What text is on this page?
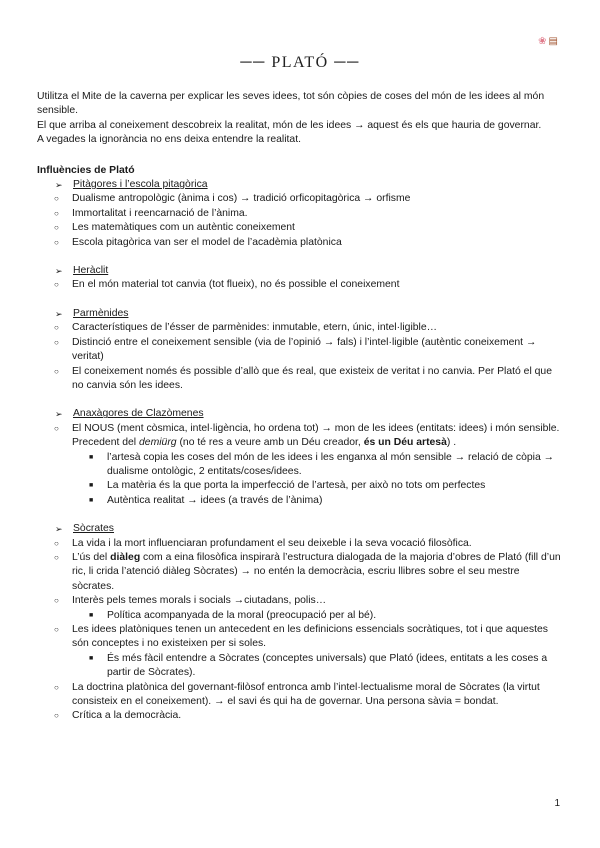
❀ ▤
── PLATÓ ──

Utilitza el Mite de la caverna per explicar les seves idees, tot són còpies de coses del món de les idees al món sensible.

El que arriba al coneixement descobreix la realitat, món de les idees → aquest és els que hauria de governar.

A vegades la ignorància no ens deixa entendre la realitat.

Influències de Plató
➢ Pitàgores i l’escola pitagòrica
○ Dualisme antropològic (ànima i cos) → tradició orficopitagòrica → orfisme
○ Immortalitat i reencarnació de l’ànima.
○ Les matemàtiques com un autèntic coneixement
○ Escola pitagòrica van ser el model de l’acadèmia platònica
➢ Heràclit
○ En el món material tot canvia (tot flueix), no és possible el coneixement
➢ Parmènides
○ Característiques de l’ésser de parmènides: inmutable, etern, únic, intel·ligible…
○ Distinció entre el coneixement sensible (via de l’opinió → fals) i l’intel·ligible (autèntic coneixement → veritat)
○ El coneixement només és possible d’allò que és real, que existeix de veritat i no canvia. Per Plató el que no canvia són les idees.
➢ Anaxàgores de Clazòmenes
○ El NOUS (ment còsmica, intel·ligència, ho ordena tot) → mon de les idees (entitats: idees) i món sensible. Precedent del demiürg (no té res a veure amb un Déu creador, és un Déu artesà) .
■ l’artesà copia les coses del món de les idees i les enganxa al món sensible → relació de còpia → dualisme ontològic, 2 entitats/coses/idees.
■ La matèria és la que porta la imperfecció de l’artesà, per això no tots om perfectes
■ Autèntica realitat → idees (a través de l’ànima)
➢ Sòcrates
○ La vida i la mort influenciaran profundament el seu deixeble i la seva vocació filosòfica.
○ L’ús del diàleg com a eina filosòfica inspirarà l’estructura dialogada de la majoria d’obres de Plató (fill d’un ric, li crida l’atenció diàleg Sòcrates) → no entén la democràcia, escriu llibres sobre el seu mestre sòcrates.
○ Interès pels temes morals i socials →ciutadans, polis…
■ Política acompanyada de la moral (preocupació per al bé).
○ Les idees platòniques tenen un antecedent en les definicions essencials socràtiques, tot i que aquestes són conceptes i no existeixen per si soles.
■ És més fàcil entendre a Sòcrates (conceptes universals) que Plató (idees, entitats a les coses a partir de Sòcrates).
○ La doctrina platònica del governant-filòsof entronca amb l’intel·lectualisme moral de Sòcrates (la virtut consisteix en el coneixement). → el savi és qui ha de governar. Una persona sàvia = bondat.
○ Crítica a la democràcia.
1
